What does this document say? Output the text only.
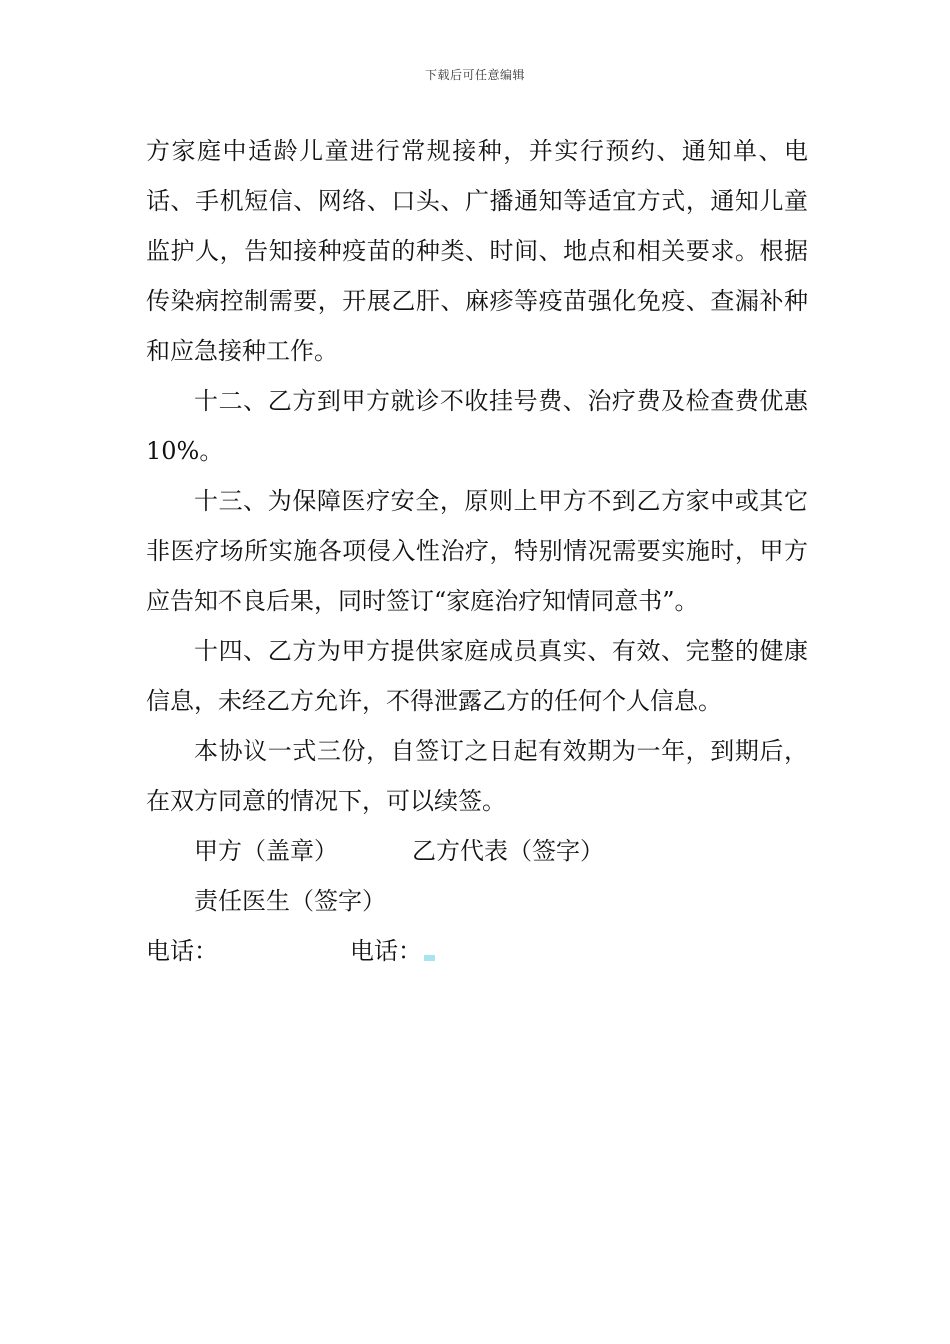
下载后可任意编辑

方家庭中适龄儿童进行常规接种，并实行预约、通知单、电话、手机短信、网络、口头、广播通知等适宜方式，通知儿童监护人，告知接种疫苗的种类、时间、地点和相关要求。根据传染病控制需要，开展乙肝、麻疹等疫苗强化免疫、查漏补种和应急接种工作。

十二、乙方到甲方就诊不收挂号费、治疗费及检查费优惠 10%。

十三、为保障医疗安全，原则上甲方不到乙方家中或其它非医疗场所实施各项侵入性治疗，特别情况需要实施时，甲方应告知不良后果，同时签订“家庭治疗知情同意书”。

十四、乙方为甲方提供家庭成员真实、有效、完整的健康信息，未经乙方允许，不得泄露乙方的任何个人信息。

本协议一式三份，自签订之日起有效期为一年，到期后，在双方同意的情况下，可以续签。

甲方（盖章）	乙方代表（签字）

责任医生（签字）

电话：	电话：
